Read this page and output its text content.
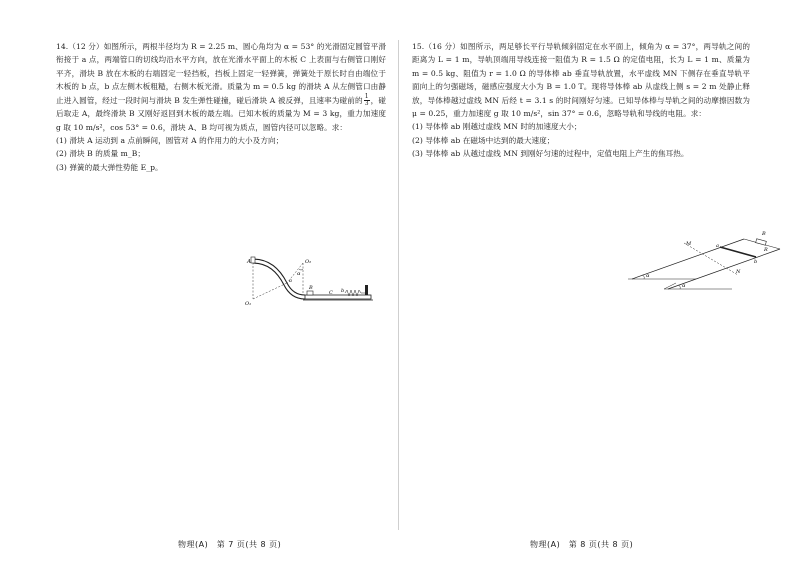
14.（12 分）如图所示，两根半径均为 R = 2.25 m、圆心角均为 α = 53° 的光滑固定圆管平滑衔接于 a 点，两端管口的切线均沿水平方向，放在光滑水平面上的木板 C 上表面与右侧管口刚好平齐，滑块 B 放在木板的右端固定一轻挡板，挡板上固定一轻弹簧，弹簧处于原长时自由端位于木板的 b 点，b 点左侧木板粗糙，右侧木板光滑。质量为 m = 0.5 kg 的滑块 A 从左侧管口由静止进入圆管，经过一段时间与滑块 B 发生弹性碰撞，碰后滑块 A 被反弹，且速率为碰前的 $\frac{1}{3}$ ，碰后取走 A，最终滑块 B 又刚好返回到木板的最左端。已知木板的质量为 M = 3 kg，重力加速度 g 取 10 m/s²，cos 53° = 0.6，滑块 A、B 均可视为质点，圆管内径可以忽略。求：

(1) 滑块 A 运动到 a 点前瞬间，圆管对 A 的作用力的大小及方向；

(2) 滑块 B 的质量 m_B；

(3) 弹簧的最大弹性势能 E_p。

A
O₁
O₂
a
α
B
C b
物理(A)　第 7 页(共 8 页)

15.（16 分）如图所示，两足够长平行导轨倾斜固定在水平面上，倾角为 α = 37°，两导轨之间的距离为 L = 1 m，导轨顶端用导线连接一阻值为 R = 1.5 Ω 的定值电阻，长为 L = 1 m、质量为 m = 0.5 kg、阻值为 r = 1.0 Ω 的导体棒 ab 垂直导轨放置，水平虚线 MN 下侧存在垂直导轨平面向上的匀强磁场，磁感应强度大小为 B = 1.0 T。现将导体棒 ab 从虚线上侧 s = 2 m 处静止释放，导体棒越过虚线 MN 后经 t = 3.1 s 的时间刚好匀速。已知导体棒与导轨之间的动摩擦因数为 μ = 0.25，重力加速度 g 取 10 m/s²，sin 37° = 0.6，忽略导轨和导线的电阻。求：

(1) 导体棒 ab 刚越过虚线 MN 时的加速度大小；

(2) 导体棒 ab 在磁场中达到的最大速度；

(3) 导体棒 ab 从越过虚线 MN 到刚好匀速的过程中，定值电阻上产生的焦耳热。

M
N
B
R
a
b
α
α
物理(A)　第 8 页(共 8 页)
